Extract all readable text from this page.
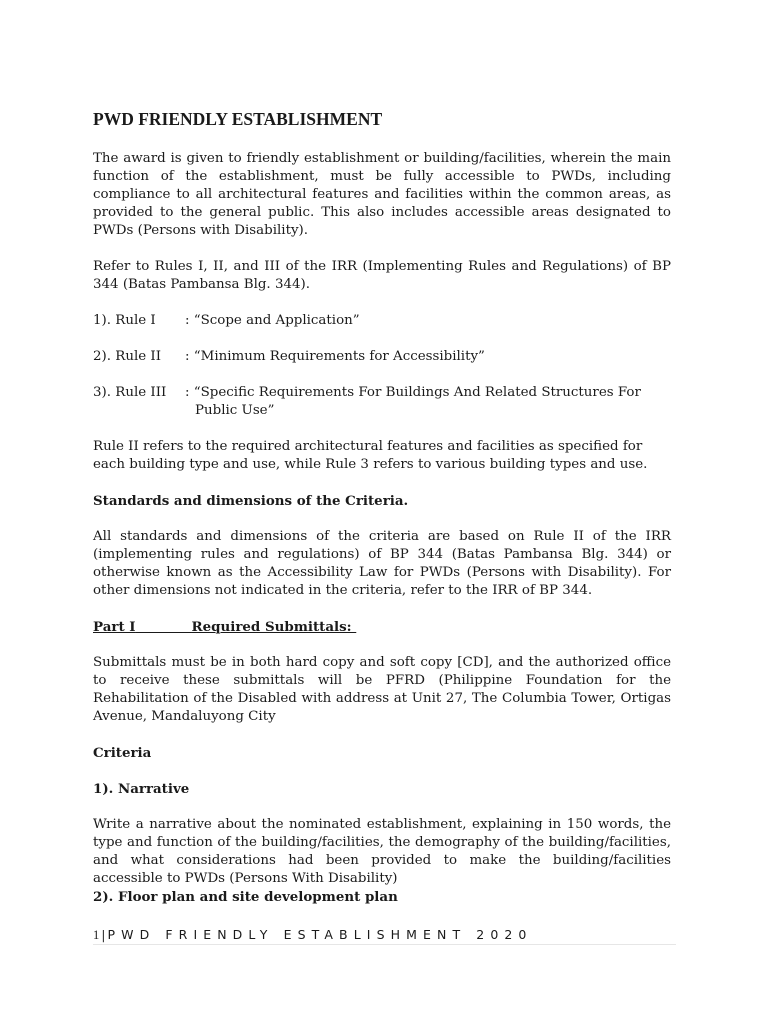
PWD FRIENDLY ESTABLISHMENT

The award is given to friendly establishment or building/facilities, wherein the main function of the establishment, must be fully accessible to PWDs, including compliance to all architectural features and facilities within the common areas, as provided to the general public. This also includes accessible areas designated to PWDs (Persons with Disability).

Refer to Rules I, II, and III of the IRR (Implementing Rules and Regulations) of BP 344 (Batas Pambansa Blg. 344).

1). Rule I	: “Scope and Application”
2). Rule II	: “Minimum Requirements for Accessibility”
3). Rule III	: “Specific Requirements For Buildings And Related Structures For
Public Use”

Rule II refers to the required architectural features and facilities as specified for each building type and use, while Rule 3 refers to various building types and use.

Standards and dimensions of the Criteria.

All standards and dimensions of the criteria are based on Rule II of the IRR (implementing rules and regulations) of BP 344 (Batas Pambansa Blg. 344) or otherwise known as the Accessibility Law for PWDs (Persons with Disability). For other dimensions not indicated in the criteria, refer to the IRR of BP 344.

Part I	Required Submittals:

Submittals must be in both hard copy and soft copy [CD], and the authorized office to receive these submittals will be PFRD (Philippine Foundation for the Rehabilitation of the Disabled with address at Unit 27, The Columbia Tower, Ortigas Avenue, Mandaluyong City

Criteria

1). Narrative

Write a narrative about the nominated establishment, explaining in 150 words, the type and function of the building/facilities, the demography of the building/facilities, and what considerations had been provided to make the building/facilities accessible to PWDs (Persons With Disability)

2). Floor plan and site development plan

1 | PWD FRIENDLY ESTABLISHMENT 2020
